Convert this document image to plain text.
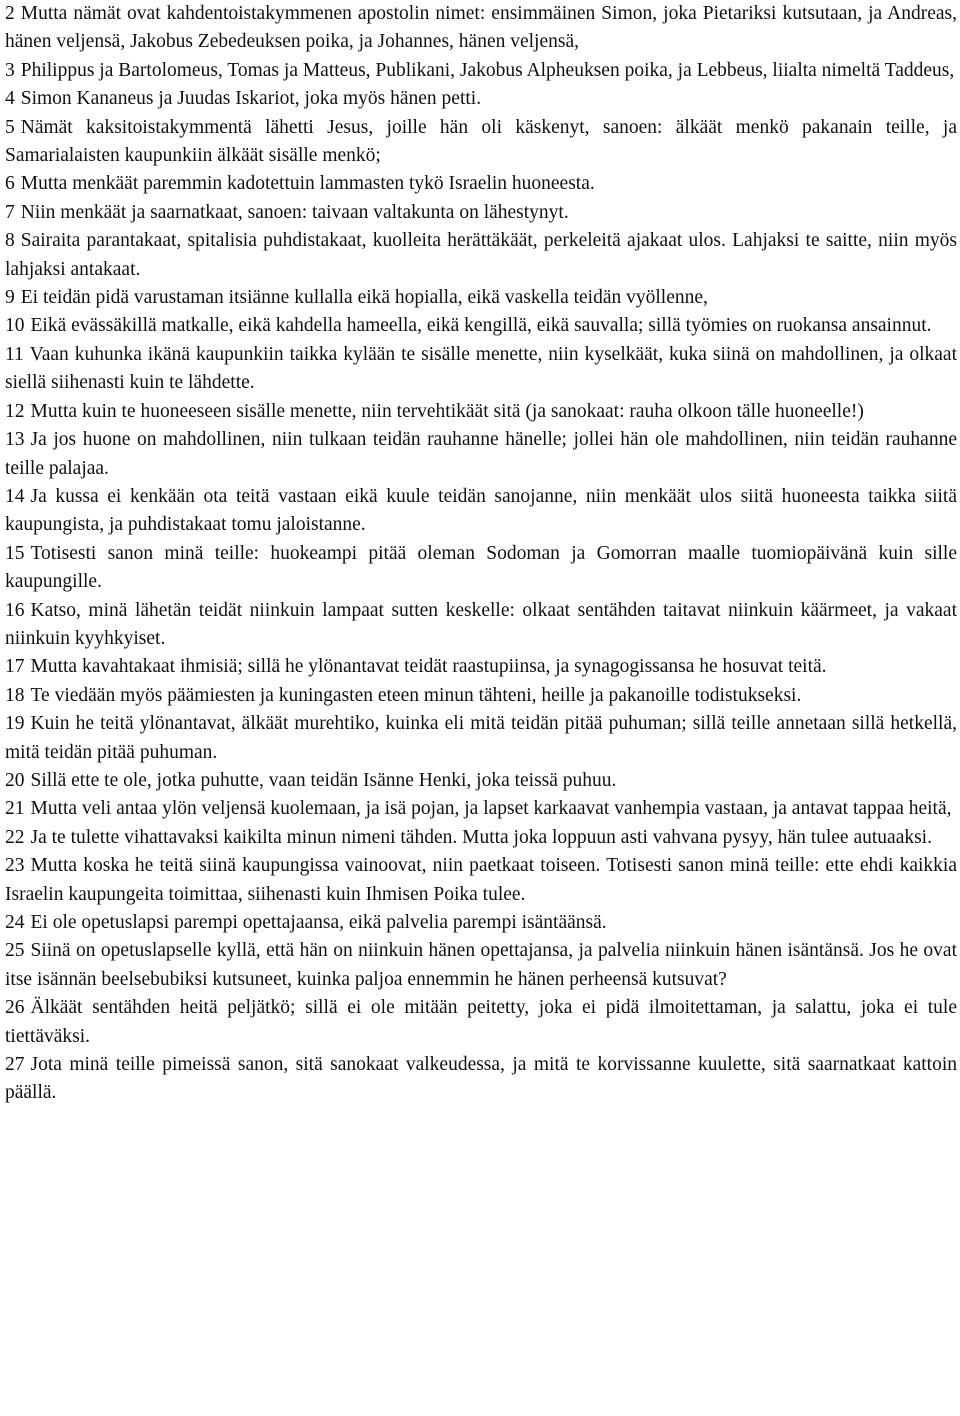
2 Mutta nämät ovat kahdentoistakymmenen apostolin nimet: ensimmäinen Simon, joka Pietariksi kutsutaan, ja Andreas, hänen veljensä, Jakobus Zebedeuksen poika, ja Johannes, hänen veljensä,

3 Philippus ja Bartolomeus, Tomas ja Matteus, Publikani, Jakobus Alpheuksen poika, ja Lebbeus, liialta nimeltä Taddeus,

4 Simon Kananeus ja Juudas Iskariot, joka myös hänen petti.

5 Nämät kaksitoistakymmentä lähetti Jesus, joille hän oli käskenyt, sanoen: älkäät menkö pakanain teille, ja Samarialaisten kaupunkiin älkäät sisälle menkö;

6 Mutta menkäät paremmin kadotettuin lammasten tykö Israelin huoneesta.

7 Niin menkäät ja saarnatkaat, sanoen: taivaan valtakunta on lähestynyt.

8 Sairaita parantakaat, spitalisia puhdistakaat, kuolleita herättäkäät, perkeleitä ajakaat ulos. Lahjaksi te saitte, niin myös lahjaksi antakaat.

9 Ei teidän pidä varustaman itsiänne kullalla eikä hopialla, eikä vaskella teidän vyöllenne,

10 Eikä evässäkillä matkalle, eikä kahdella hameella, eikä kengillä, eikä sauvalla; sillä työmies on ruokansa ansainnut.

11 Vaan kuhunka ikänä kaupunkiin taikka kylään te sisälle menette, niin kyselkäät, kuka siinä on mahdollinen, ja olkaat siellä siihenasti kuin te lähdette.

12 Mutta kuin te huoneeseen sisälle menette, niin tervehtikäät sitä (ja sanokaat: rauha olkoon tälle huoneelle!)

13 Ja jos huone on mahdollinen, niin tulkaan teidän rauhanne hänelle; jollei hän ole mahdollinen, niin teidän rauhanne teille palajaa.

14 Ja kussa ei kenkään ota teitä vastaan eikä kuule teidän sanojanne, niin menkäät ulos siitä huoneesta taikka siitä kaupungista, ja puhdistakaat tomu jaloistanne.

15 Totisesti sanon minä teille: huokeampi pitää oleman Sodoman ja Gomorran maalle tuomiopäivänä kuin sille kaupungille.

16 Katso, minä lähetän teidät niinkuin lampaat sutten keskelle: olkaat sentähden taitavat niinkuin käärmeet, ja vakaat niinkuin kyyhkyiset.

17 Mutta kavahtakaat ihmisiä; sillä he ylönantavat teidät raastupiinsa, ja synagogissansa he hosuvat teitä.

18 Te viedään myös päämiesten ja kuningasten eteen minun tähteni, heille ja pakanoille todistukseksi.

19 Kuin he teitä ylönantavat, älkäät murehtiko, kuinka eli mitä teidän pitää puhuman; sillä teille annetaan sillä hetkellä, mitä teidän pitää puhuman.

20 Sillä ette te ole, jotka puhutte, vaan teidän Isänne Henki, joka teissä puhuu.

21 Mutta veli antaa ylön veljensä kuolemaan, ja isä pojan, ja lapset karkaavat vanhempia vastaan, ja antavat tappaa heitä,

22 Ja te tulette vihattavaksi kaikilta minun nimeni tähden. Mutta joka loppuun asti vahvana pysyy, hän tulee autuaaksi.

23 Mutta koska he teitä siinä kaupungissa vainoovat, niin paetkaat toiseen. Totisesti sanon minä teille: ette ehdi kaikkia Israelin kaupungeita toimittaa, siihenasti kuin Ihmisen Poika tulee.

24 Ei ole opetuslapsi parempi opettajaansa, eikä palvelia parempi isäntäänsä.

25 Siinä on opetuslapselle kyllä, että hän on niinkuin hänen opettajansa, ja palvelia niinkuin hänen isäntänsä. Jos he ovat itse isännän beelsebubiksi kutsuneet, kuinka paljoa ennemmin he hänen perheensä kutsuvat?

26 Älkäät sentähden heitä peljätkö; sillä ei ole mitään peitetty, joka ei pidä ilmoitettaman, ja salattu, joka ei tule tiettäväksi.

27 Jota minä teille pimeissä sanon, sitä sanokaat valkeudessa, ja mitä te korvissanne kuulette, sitä saarnatkaat kattoin päällä.
